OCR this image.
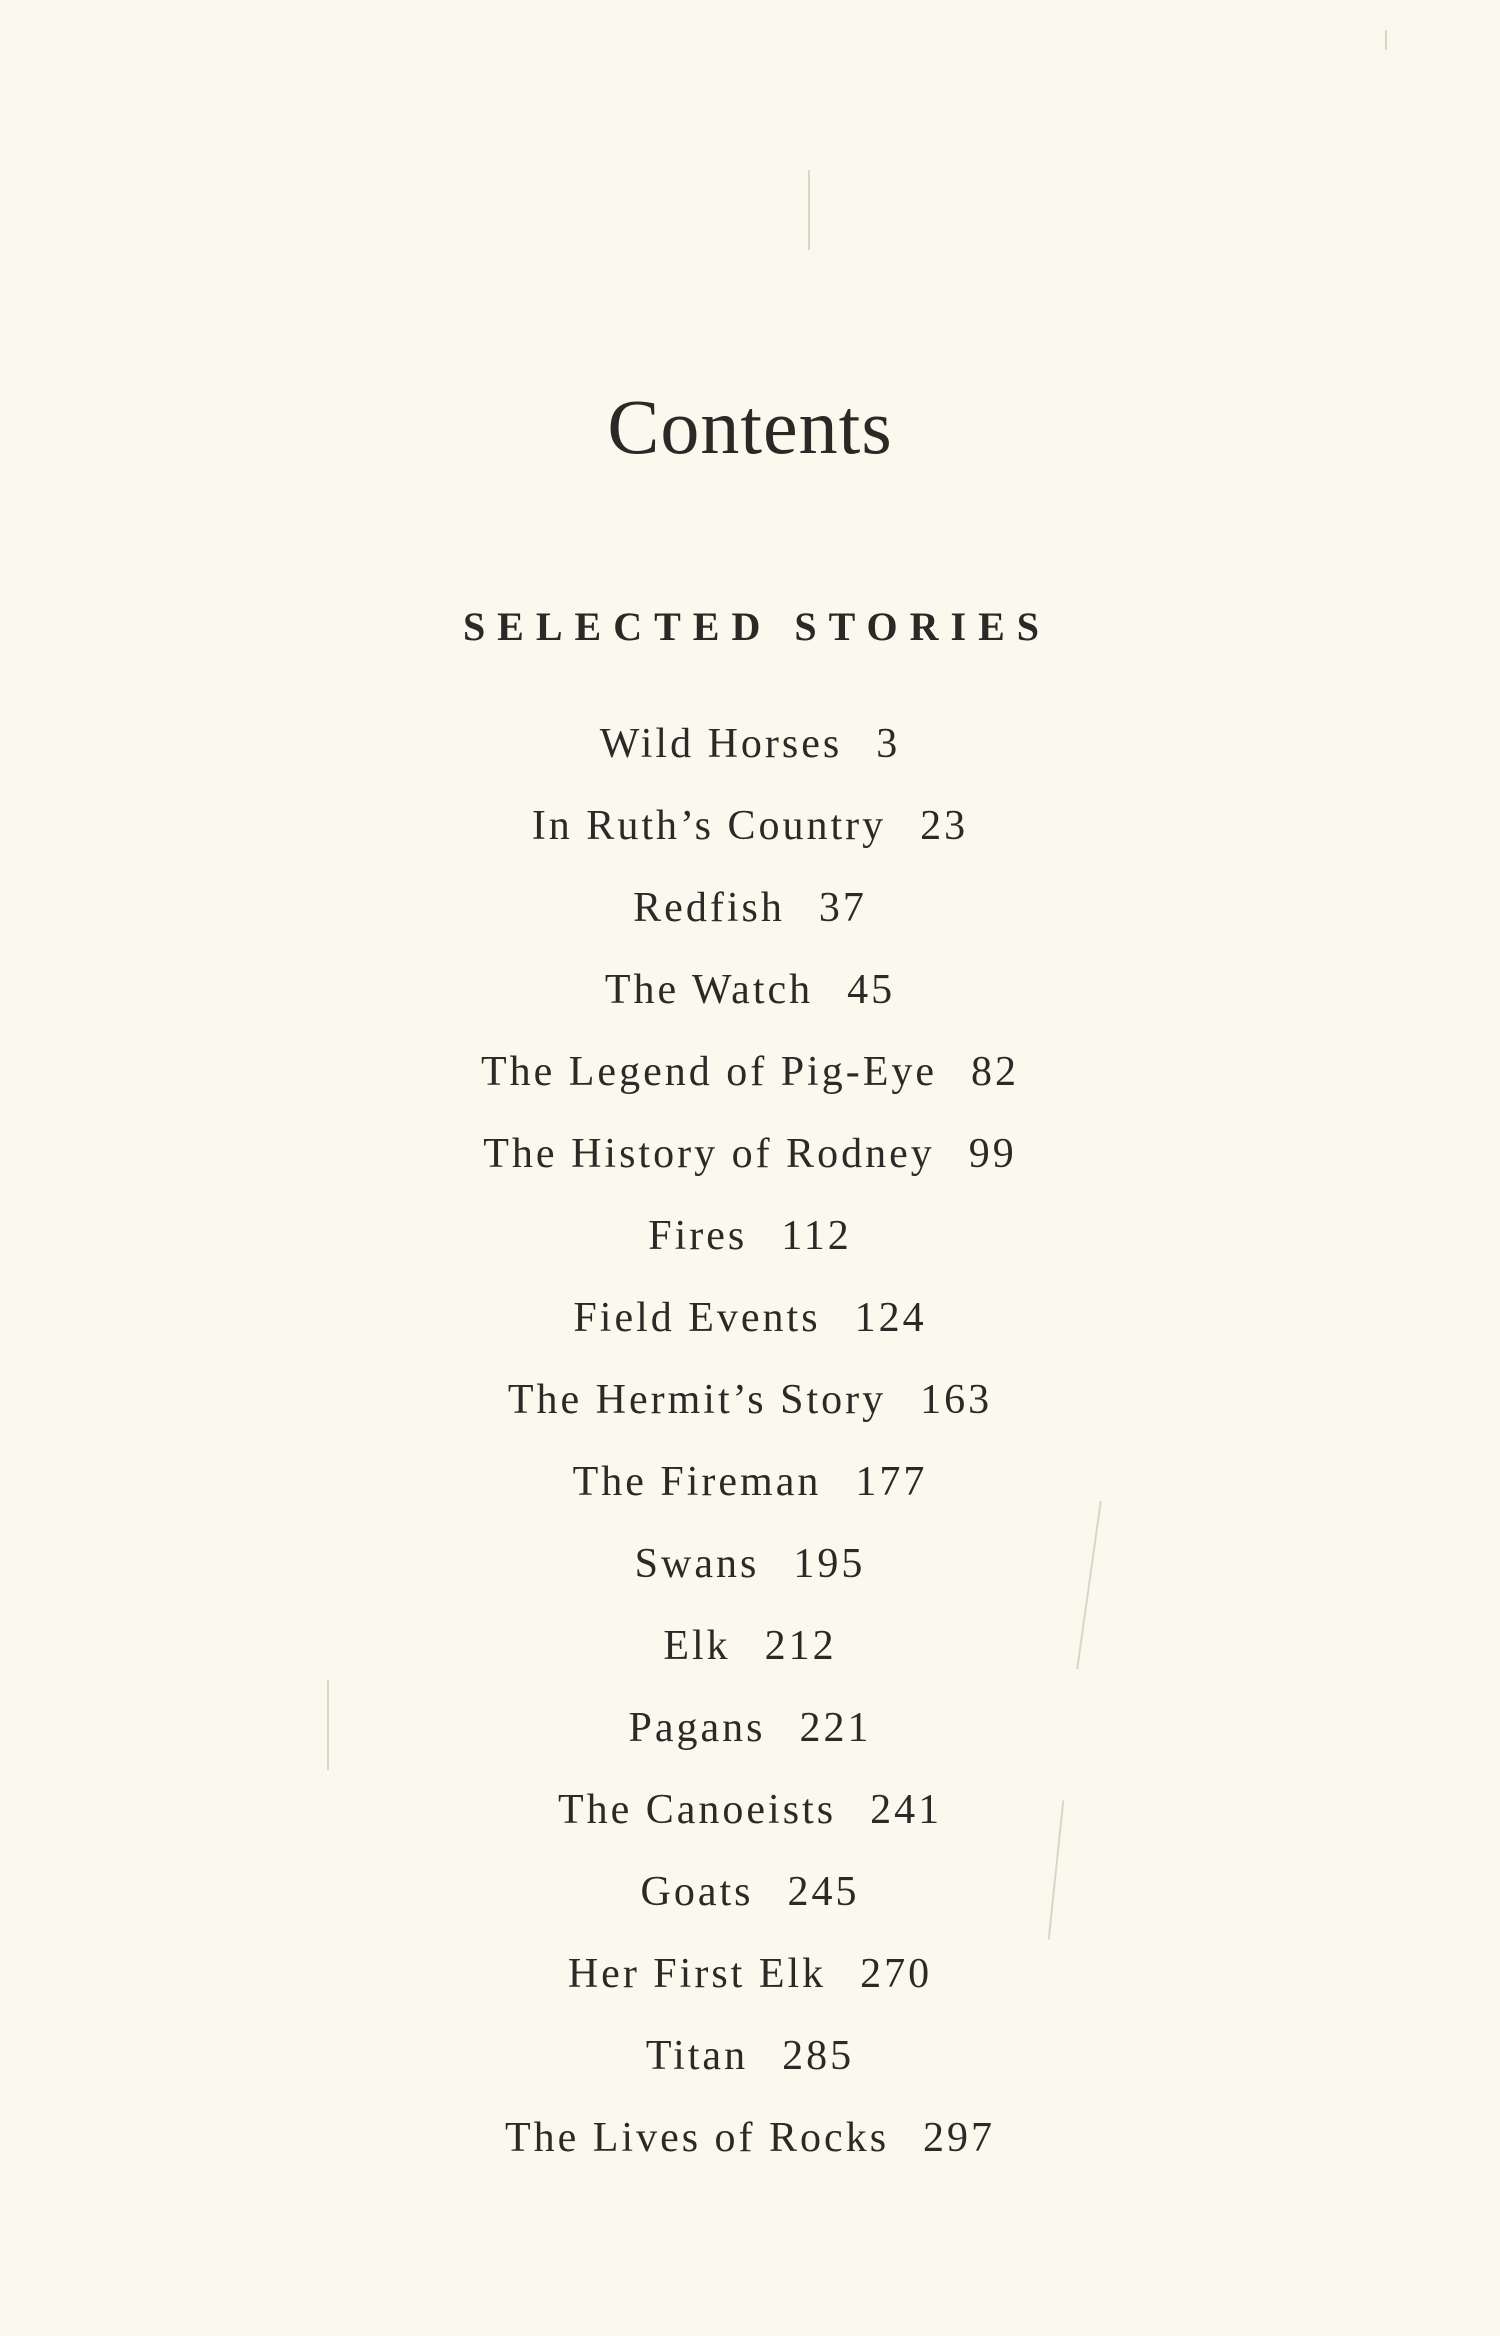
Contents
SELECTED STORIES
Wild Horses 3
In Ruth’s Country 23
Redfish 37
The Watch 45
The Legend of Pig-Eye 82
The History of Rodney 99
Fires 112
Field Events 124
The Hermit’s Story 163
The Fireman 177
Swans 195
Elk 212
Pagans 221
The Canoeists 241
Goats 245
Her First Elk 270
Titan 285
The Lives of Rocks 297
